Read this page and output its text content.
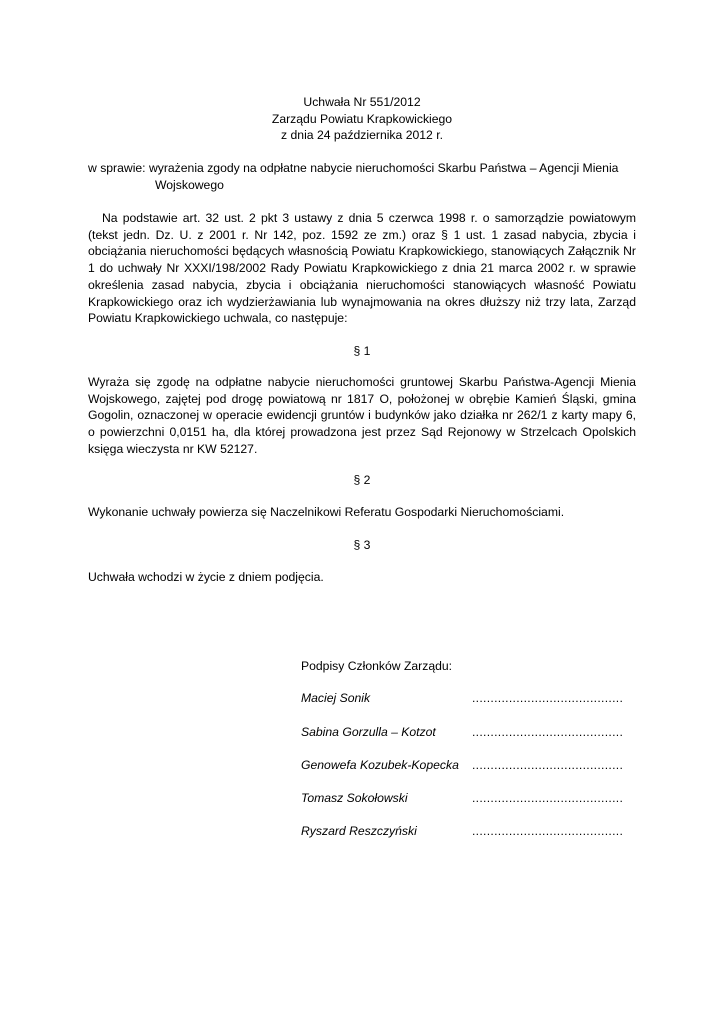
Uchwała Nr 551/2012
Zarządu Powiatu Krapkowickiego
z dnia 24 października 2012 r.
w sprawie: wyrażenia zgody na odpłatne nabycie nieruchomości Skarbu Państwa – Agencji Mienia
Wojskowego
Na podstawie art. 32 ust. 2 pkt 3 ustawy z dnia 5 czerwca 1998 r. o samorządzie powiatowym (tekst jedn. Dz. U. z 2001 r. Nr 142, poz. 1592 ze zm.) oraz § 1 ust. 1 zasad nabycia, zbycia i obciążania nieruchomości będących własnością Powiatu Krapkowickiego, stanowiących Załącznik Nr 1 do uchwały Nr XXXI/198/2002 Rady Powiatu Krapkowickiego z dnia 21 marca 2002 r. w sprawie określenia zasad nabycia, zbycia i obciążania nieruchomości stanowiących własność Powiatu Krapkowickiego oraz ich wydzierżawiania lub wynajmowania na okres dłuższy niż trzy lata, Zarząd Powiatu Krapkowickiego uchwala, co następuje:
§ 1
Wyraża się zgodę na odpłatne nabycie nieruchomości gruntowej Skarbu Państwa-Agencji Mienia Wojskowego, zajętej pod drogę powiatową nr 1817 O, położonej w obrębie Kamień Śląski, gmina Gogolin, oznaczonej w operacie ewidencji gruntów i budynków jako działka nr 262/1 z karty mapy 6, o powierzchni 0,0151 ha, dla której prowadzona jest przez Sąd Rejonowy w Strzelcach Opolskich księga wieczysta nr KW 52127.
§ 2
Wykonanie uchwały powierza się Naczelnikowi Referatu Gospodarki Nieruchomościami.
§ 3
Uchwała wchodzi w życie z dniem podjęcia.
Podpisy Członków Zarządu:
Maciej Sonik	.........................................
Sabina Gorzulla – Kotzot	.........................................
Genowefa Kozubek-Kopecka .........................................
Tomasz Sokołowski	.........................................
Ryszard Reszczyński	.........................................
